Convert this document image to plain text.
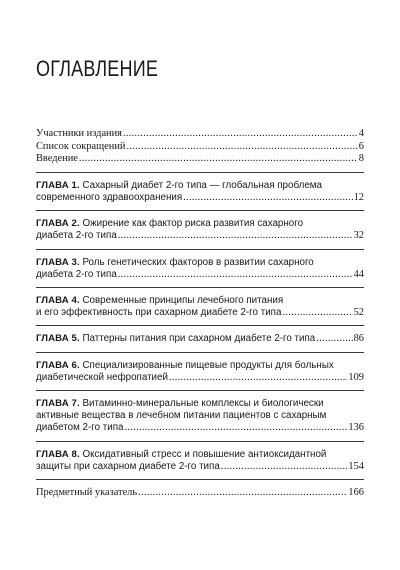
ОГЛАВЛЕНИЕ
Участники издания .....	4
Список сокращений .....	6
Введение .....	8
ГЛАВА 1. Сахарный диабет 2-го типа — глобальная проблема
современного здравоохранения .....	12
ГЛАВА 2. Ожирение как фактор риска развития сахарного
диабета 2-го типа .....	32
ГЛАВА 3. Роль генетических факторов в развитии сахарного
диабета 2-го типа .....	44
ГЛАВА 4. Современные принципы лечебного питания
и его эффективность при сахарном диабете 2-го типа .....	52
ГЛАВА 5. Паттерны питания при сахарном диабете 2-го типа .....	86
ГЛАВА 6. Специализированные пищевые продукты для больных
диабетической нефропатией .....	109
ГЛАВА 7. Витаминно-минеральные комплексы и биологически
активные вещества в лечебном питании пациентов с сахарным
диабетом 2-го типа .....	136
ГЛАВА 8. Оксидативный стресс и повышение антиоксидантной
защиты при сахарном диабете 2-го типа .....	154
Предметный указатель .....	166
